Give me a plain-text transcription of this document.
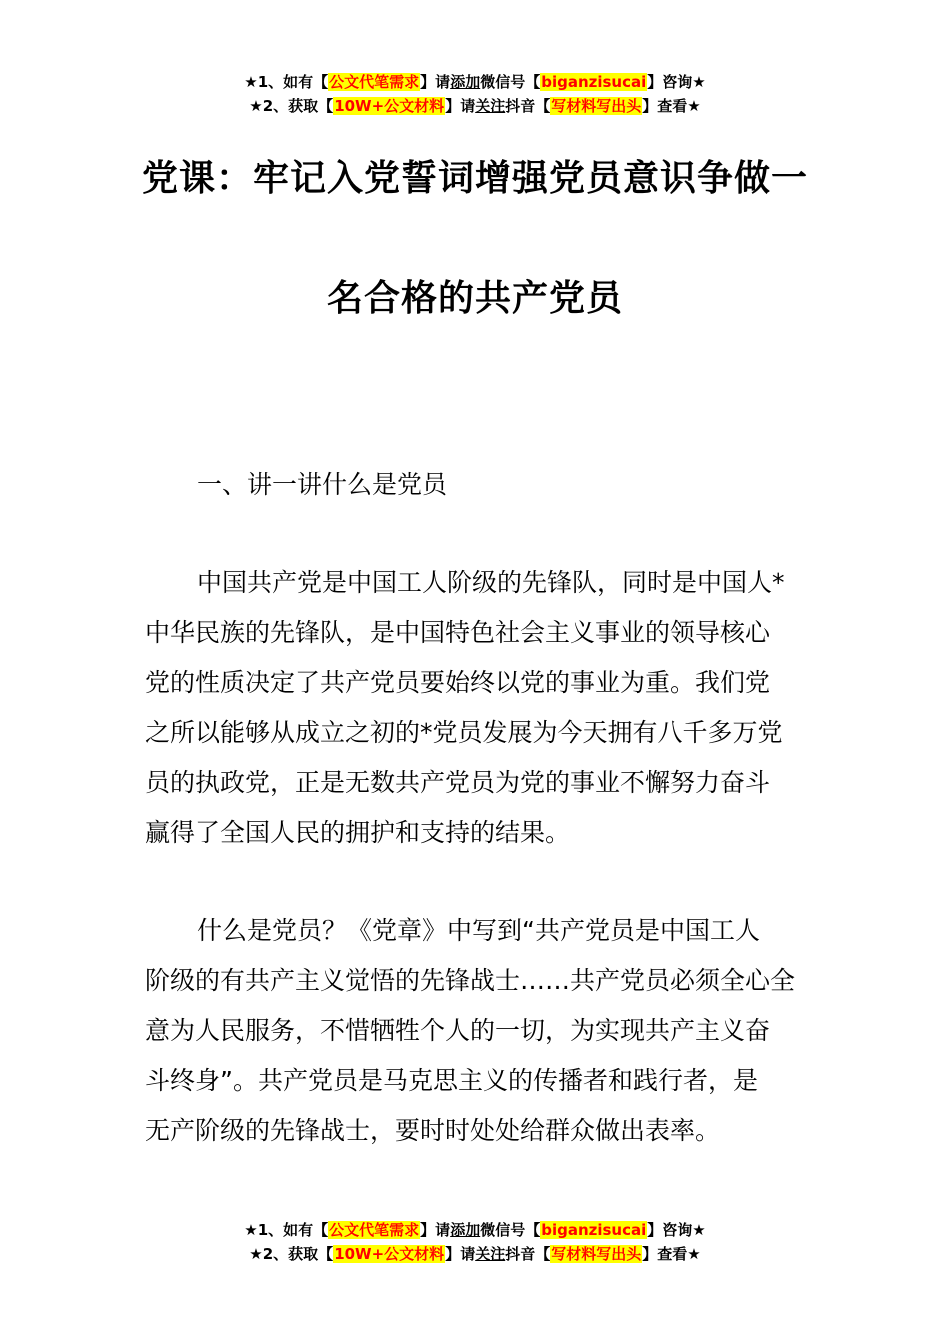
★1、如有【公文代笔需求】请添加微信号【biganzisucai】咨询★
★2、获取【10W+公文材料】请关注抖音【写材料写出头】查看★
党课：牢记入党誓词增强党员意识争做一
名合格的共产党员
一、讲一讲什么是党员
中国共产党是中国工人阶级的先锋队，同时是中国人*
中华民族的先锋队，是中国特色社会主义事业的领导核心
党的性质决定了共产党员要始终以党的事业为重。我们党
之所以能够从成立之初的*党员发展为今天拥有八千多万党
员的执政党，正是无数共产党员为党的事业不懈努力奋斗
赢得了全国人民的拥护和支持的结果。
什么是党员？《党章》中写到“共产党员是中国工人
阶级的有共产主义觉悟的先锋战士……共产党员必须全心全
意为人民服务，不惜牺牲个人的一切，为实现共产主义奋
斗终身”。共产党员是马克思主义的传播者和践行者，是
无产阶级的先锋战士，要时时处处给群众做出表率。
★1、如有【公文代笔需求】请添加微信号【biganzisucai】咨询★
★2、获取【10W+公文材料】请关注抖音【写材料写出头】查看★
